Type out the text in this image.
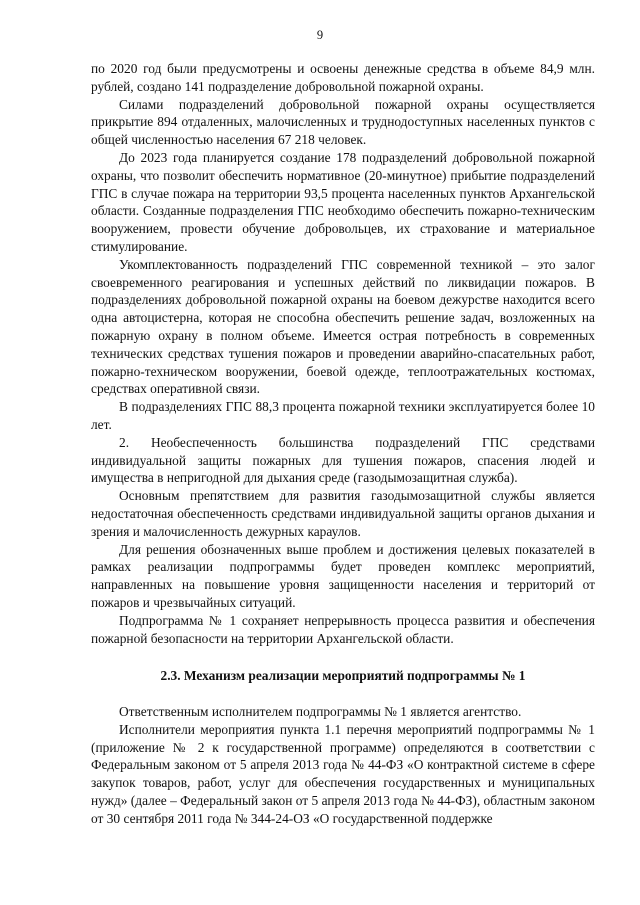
9

по 2020 год были предусмотрены и освоены денежные средства в объеме 84,9 млн. рублей, создано 141 подразделение добровольной пожарной охраны.

Силами подразделений добровольной пожарной охраны осуществляется прикрытие 894 отдаленных, малочисленных и труднодоступных населенных пунктов с общей численностью населения 67 218 человек.

До 2023 года планируется создание 178 подразделений добровольной пожарной охраны, что позволит обеспечить нормативное (20-минутное) прибытие подразделений ГПС в случае пожара на территории 93,5 процента населенных пунктов Архангельской области. Созданные подразделения ГПС необходимо обеспечить пожарно-техническим вооружением, провести обучение добровольцев, их страхование и материальное стимулирование.

Укомплектованность подразделений ГПС современной техникой – это залог своевременного реагирования и успешных действий по ликвидации пожаров. В подразделениях добровольной пожарной охраны на боевом дежурстве находится всего одна автоцистерна, которая не способна обеспечить решение задач, возложенных на пожарную охрану в полном объеме. Имеется острая потребность в современных технических средствах тушения пожаров и проведении аварийно-спасательных работ, пожарно-техническом вооружении, боевой одежде, теплоотражательных костюмах, средствах оперативной связи.

В подразделениях ГПС 88,3 процента пожарной техники эксплуатируется более 10 лет.

2. Необеспеченность большинства подразделений ГПС средствами индивидуальной защиты пожарных для тушения пожаров, спасения людей и имущества в непригодной для дыхания среде (газодымозащитная служба).

Основным препятствием для развития газодымозащитной службы является недостаточная обеспеченность средствами индивидуальной защиты органов дыхания и зрения и малочисленность дежурных караулов.

Для решения обозначенных выше проблем и достижения целевых показателей в рамках реализации подпрограммы будет проведен комплекс мероприятий, направленных на повышение уровня защищенности населения и территорий от пожаров и чрезвычайных ситуаций.

Подпрограмма № 1 сохраняет непрерывность процесса развития и обеспечения пожарной безопасности на территории Архангельской области.

2.3. Механизм реализации мероприятий подпрограммы № 1

Ответственным исполнителем подпрограммы № 1 является агентство.

Исполнители мероприятия пункта 1.1 перечня мероприятий подпрограммы № 1 (приложение № 2 к государственной программе) определяются в соответствии с Федеральным законом от 5 апреля 2013 года № 44-ФЗ «О контрактной системе в сфере закупок товаров, работ, услуг для обеспечения государственных и муниципальных нужд» (далее – Федеральный закон от 5 апреля 2013 года № 44-ФЗ), областным законом от 30 сентября 2011 года № 344-24-ОЗ «О государственной поддержке
